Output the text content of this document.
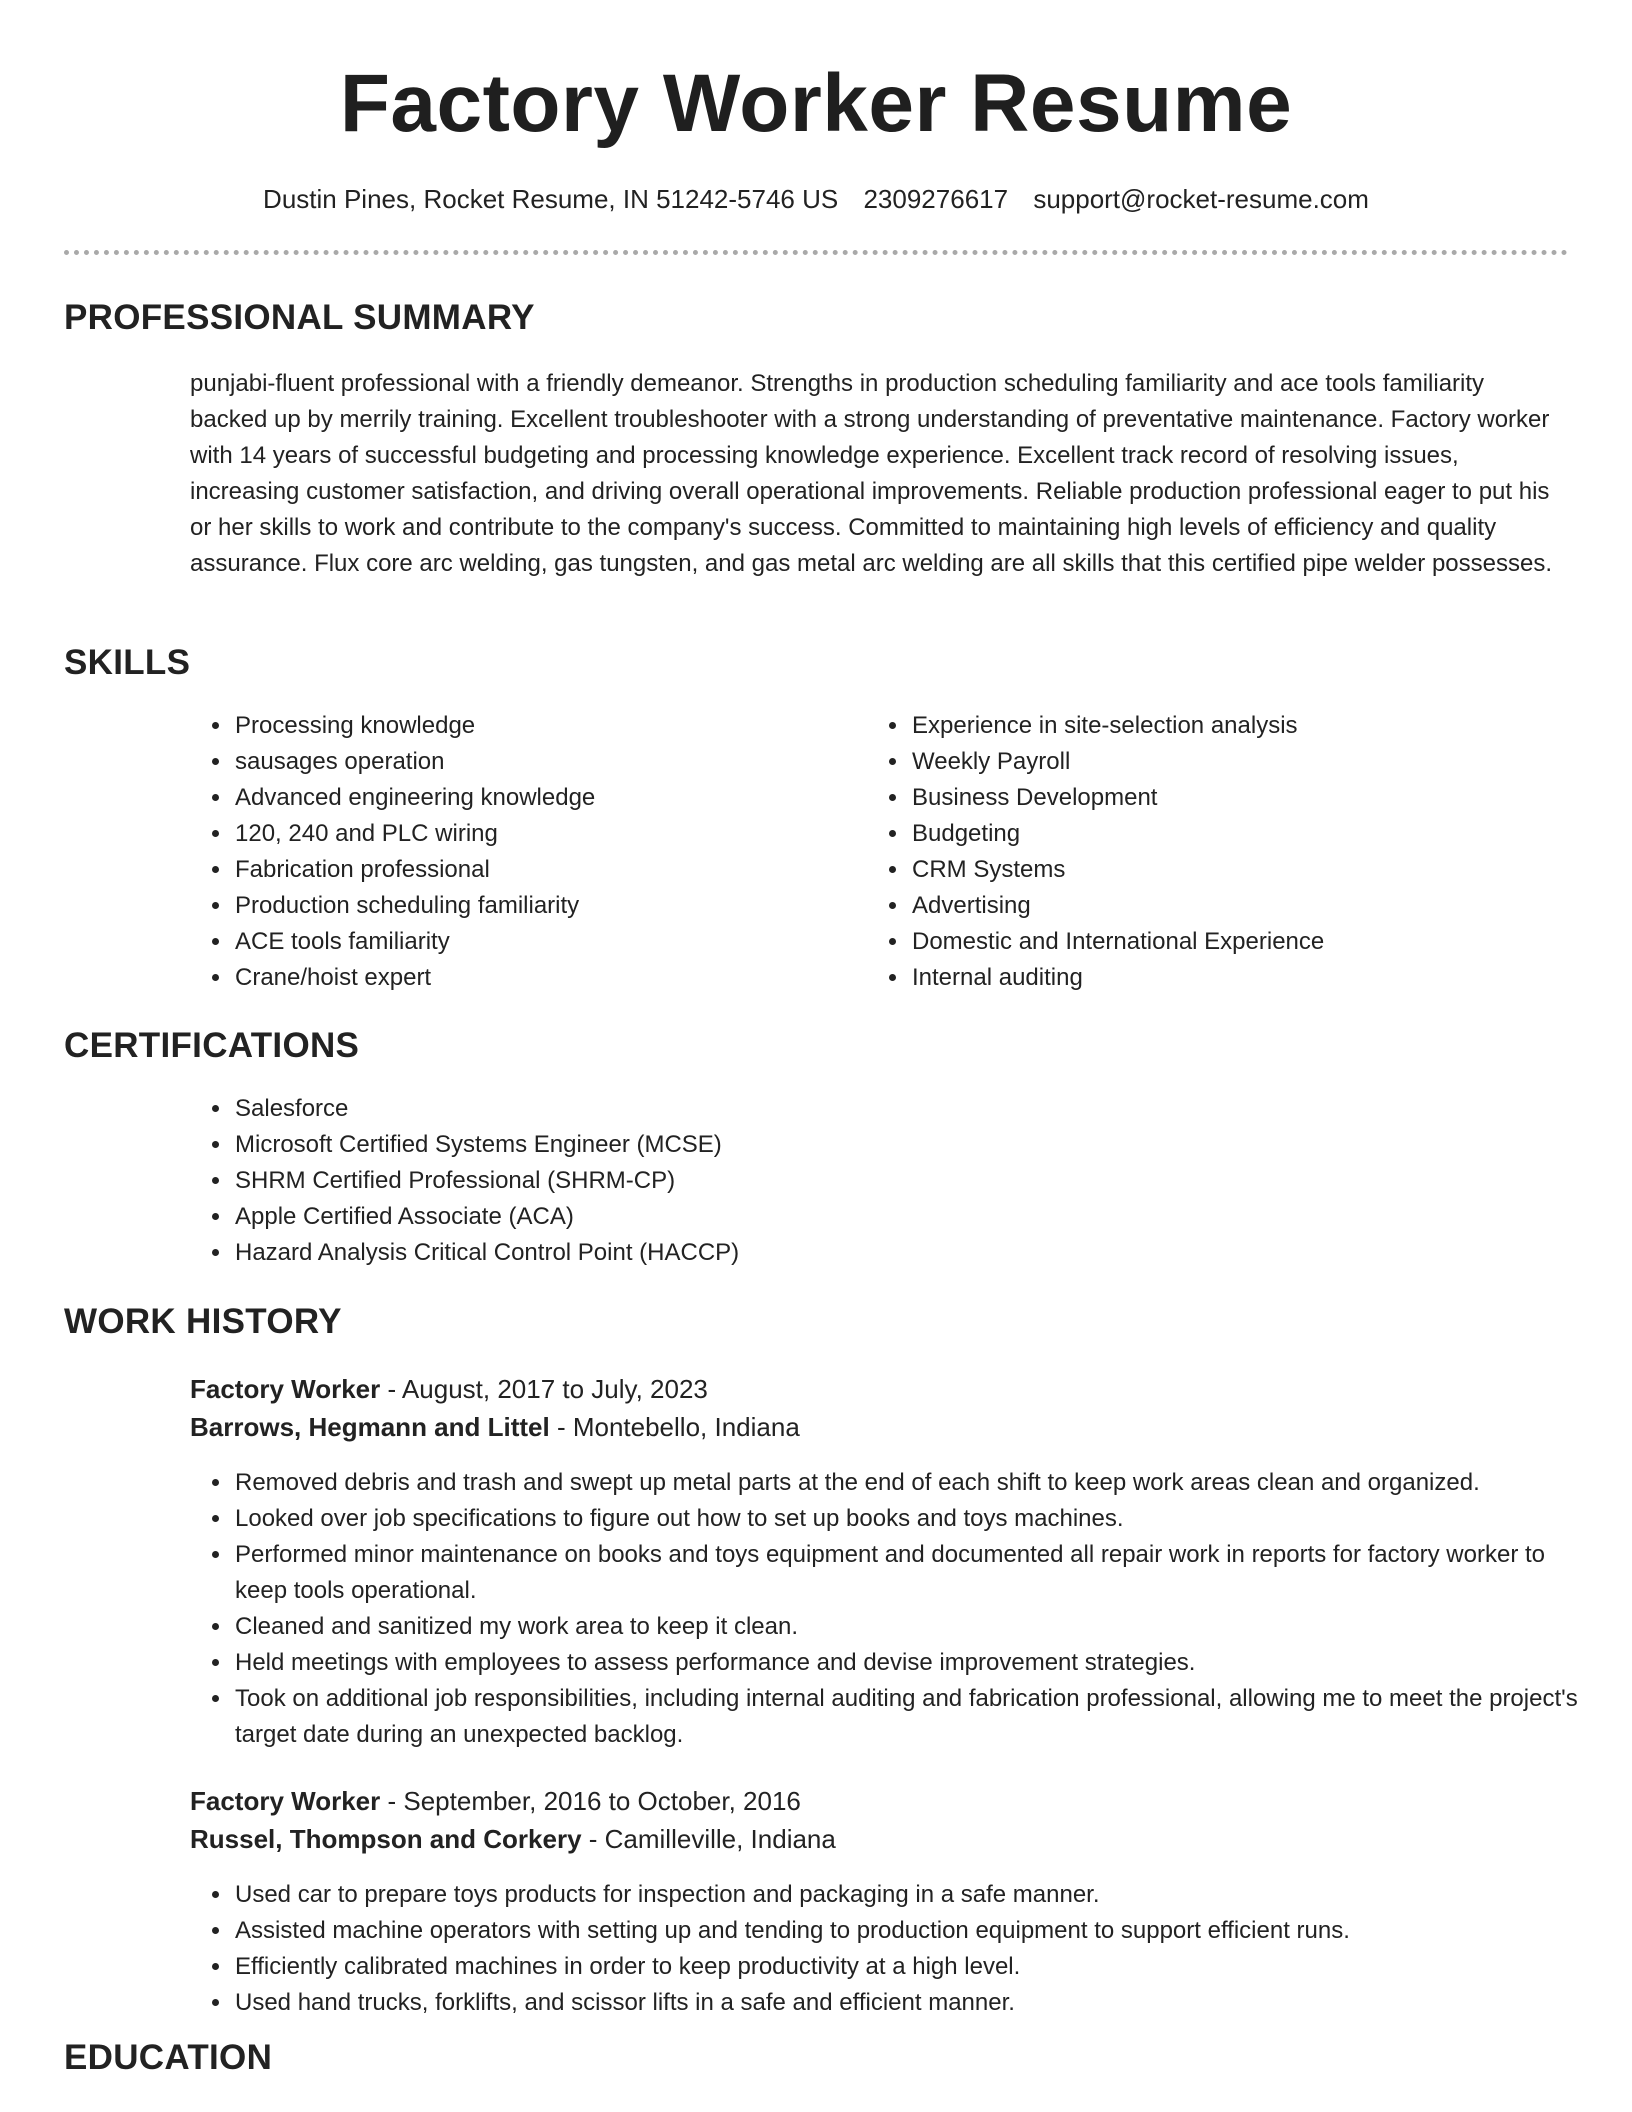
Factory Worker Resume
Dustin Pines, Rocket Resume, IN 51242-5746 US 2309276617 support@rocket-resume.com
PROFESSIONAL SUMMARY
punjabi-fluent professional with a friendly demeanor. Strengths in production scheduling familiarity and ace tools familiarity backed up by merrily training. Excellent troubleshooter with a strong understanding of preventative maintenance. Factory worker with 14 years of successful budgeting and processing knowledge experience. Excellent track record of resolving issues, increasing customer satisfaction, and driving overall operational improvements. Reliable production professional eager to put his or her skills to work and contribute to the company's success. Committed to maintaining high levels of efficiency and quality assurance. Flux core arc welding, gas tungsten, and gas metal arc welding are all skills that this certified pipe welder possesses.
SKILLS
• Processing knowledge
• sausages operation
• Advanced engineering knowledge
• 120, 240 and PLC wiring
• Fabrication professional
• Production scheduling familiarity
• ACE tools familiarity
• Crane/hoist expert
• Experience in site-selection analysis
• Weekly Payroll
• Business Development
• Budgeting
• CRM Systems
• Advertising
• Domestic and International Experience
• Internal auditing
CERTIFICATIONS
• Salesforce
• Microsoft Certified Systems Engineer (MCSE)
• SHRM Certified Professional (SHRM-CP)
• Apple Certified Associate (ACA)
• Hazard Analysis Critical Control Point (HACCP)
WORK HISTORY
Factory Worker - August, 2017 to July, 2023
Barrows, Hegmann and Littel - Montebello, Indiana
• Removed debris and trash and swept up metal parts at the end of each shift to keep work areas clean and organized.
• Looked over job specifications to figure out how to set up books and toys machines.
• Performed minor maintenance on books and toys equipment and documented all repair work in reports for factory worker to keep tools operational.
• Cleaned and sanitized my work area to keep it clean.
• Held meetings with employees to assess performance and devise improvement strategies.
• Took on additional job responsibilities, including internal auditing and fabrication professional, allowing me to meet the project's target date during an unexpected backlog.
Factory Worker - September, 2016 to October, 2016
Russel, Thompson and Corkery - Camilleville, Indiana
• Used car to prepare toys products for inspection and packaging in a safe manner.
• Assisted machine operators with setting up and tending to production equipment to support efficient runs.
• Efficiently calibrated machines in order to keep productivity at a high level.
• Used hand trucks, forklifts, and scissor lifts in a safe and efficient manner.
EDUCATION
